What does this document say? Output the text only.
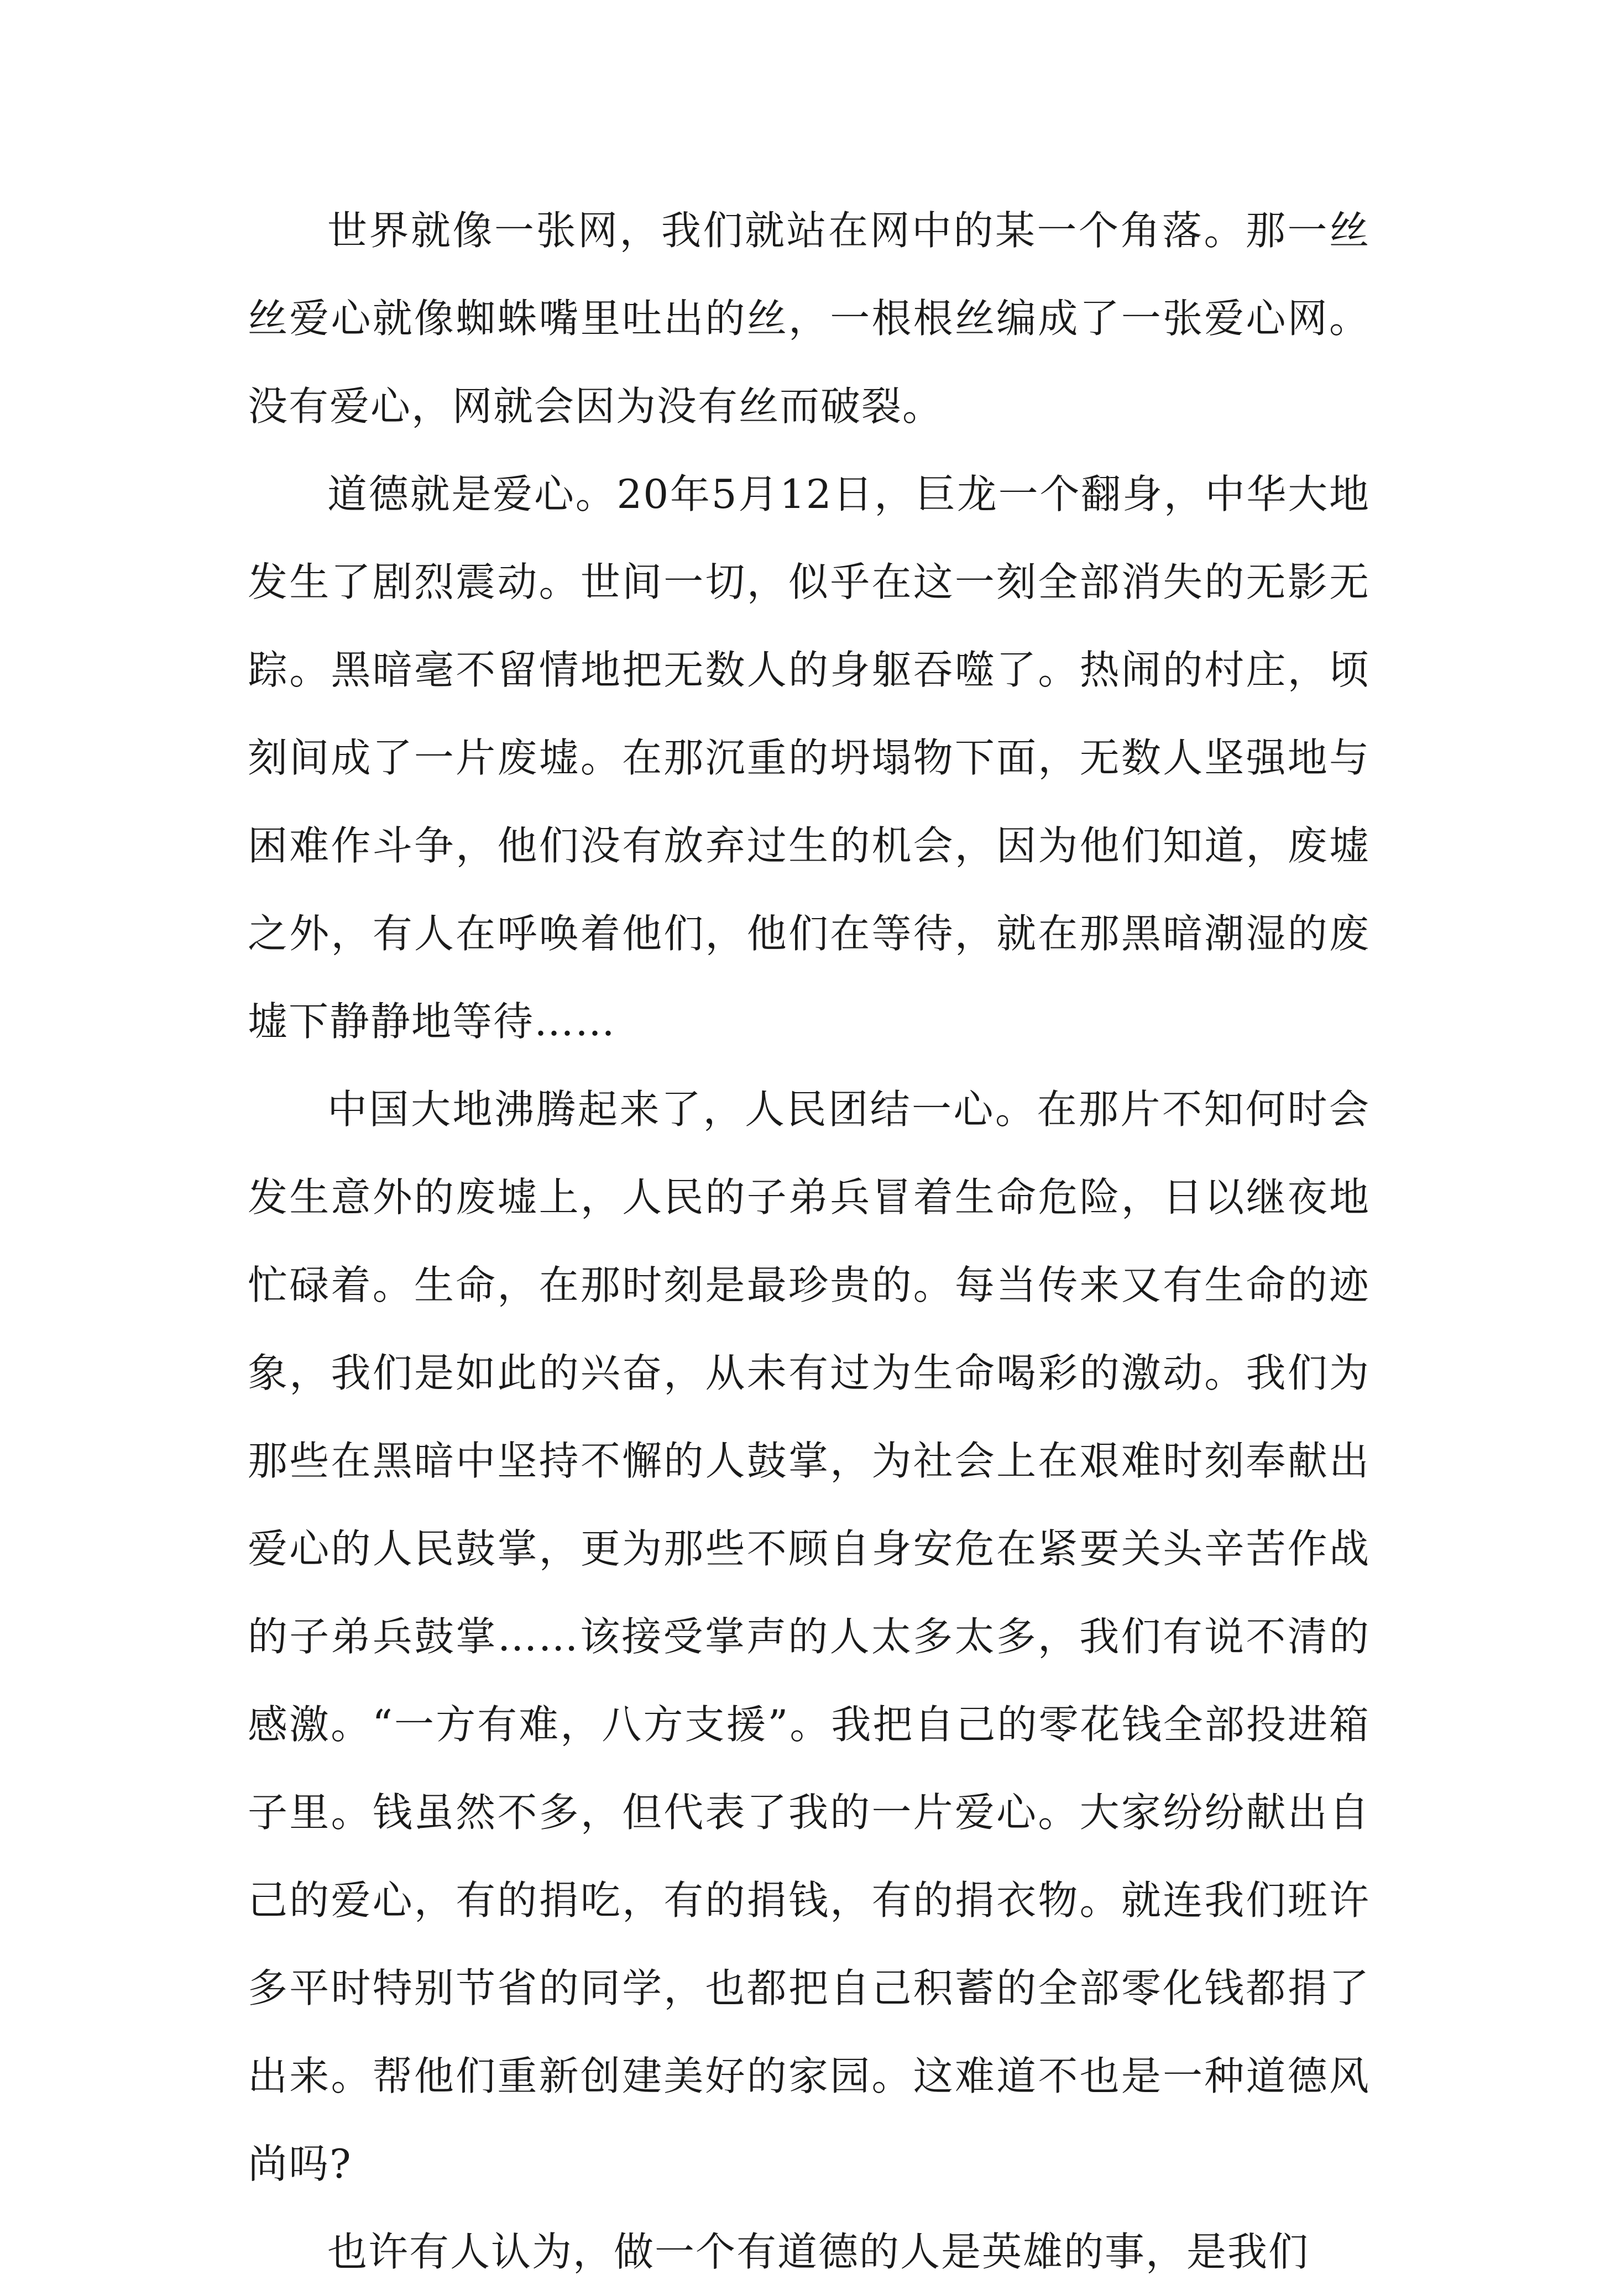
世界就像一张网，我们就站在网中的某一个角落。那一丝丝爱心就像蜘蛛嘴里吐出的丝，一根根丝编成了一张爱心网。没有爱心，网就会因为没有丝而破裂。

道德就是爱心。20年5月12日，巨龙一个翻身，中华大地发生了剧烈震动。世间一切，似乎在这一刻全部消失的无影无踪。黑暗毫不留情地把无数人的身躯吞噬了。热闹的村庄，顷刻间成了一片废墟。在那沉重的坍塌物下面，无数人坚强地与困难作斗争，他们没有放弃过生的机会，因为他们知道，废墟之外，有人在呼唤着他们，他们在等待，就在那黑暗潮湿的废墟下静静地等待……

中国大地沸腾起来了，人民团结一心。在那片不知何时会发生意外的废墟上，人民的子弟兵冒着生命危险，日以继夜地忙碌着。生命，在那时刻是最珍贵的。每当传来又有生命的迹象，我们是如此的兴奋，从未有过为生命喝彩的激动。我们为那些在黑暗中坚持不懈的人鼓掌，为社会上在艰难时刻奉献出爱心的人民鼓掌，更为那些不顾自身安危在紧要关头辛苦作战的子弟兵鼓掌……该接受掌声的人太多太多，我们有说不清的感激。“一方有难，八方支援”。我把自己的零花钱全部投进箱子里。钱虽然不多，但代表了我的一片爱心。大家纷纷献出自己的爱心，有的捐吃，有的捐钱，有的捐衣物。就连我们班许多平时特别节省的同学，也都把自己积蓄的全部零化钱都捐了出来。帮他们重新创建美好的家园。这难道不也是一种道德风尚吗?

也许有人认为，做一个有道德的人是英雄的事，是我们
